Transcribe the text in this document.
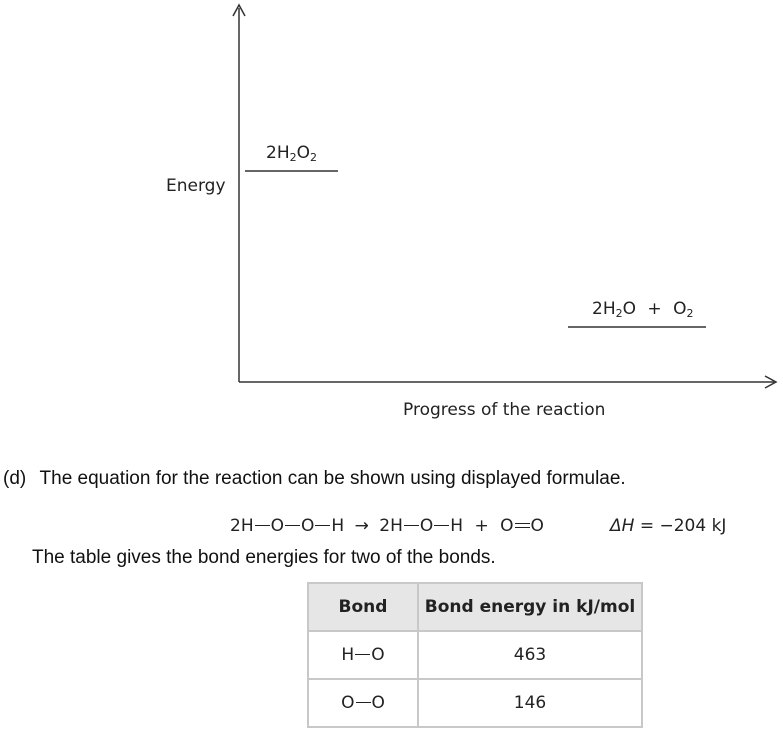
Energy
$2H_2O_2$
$2H_2O + O_2$
Progress of the reaction
(d) The equation for the reaction can be shown using displayed formulae.
2H O O H → 2H O H + O O	ΔH = −204 kJ
The table gives the bond energies for two of the bonds.
Bond	Bond energy in kJ/mol
H O	463
O O	146
